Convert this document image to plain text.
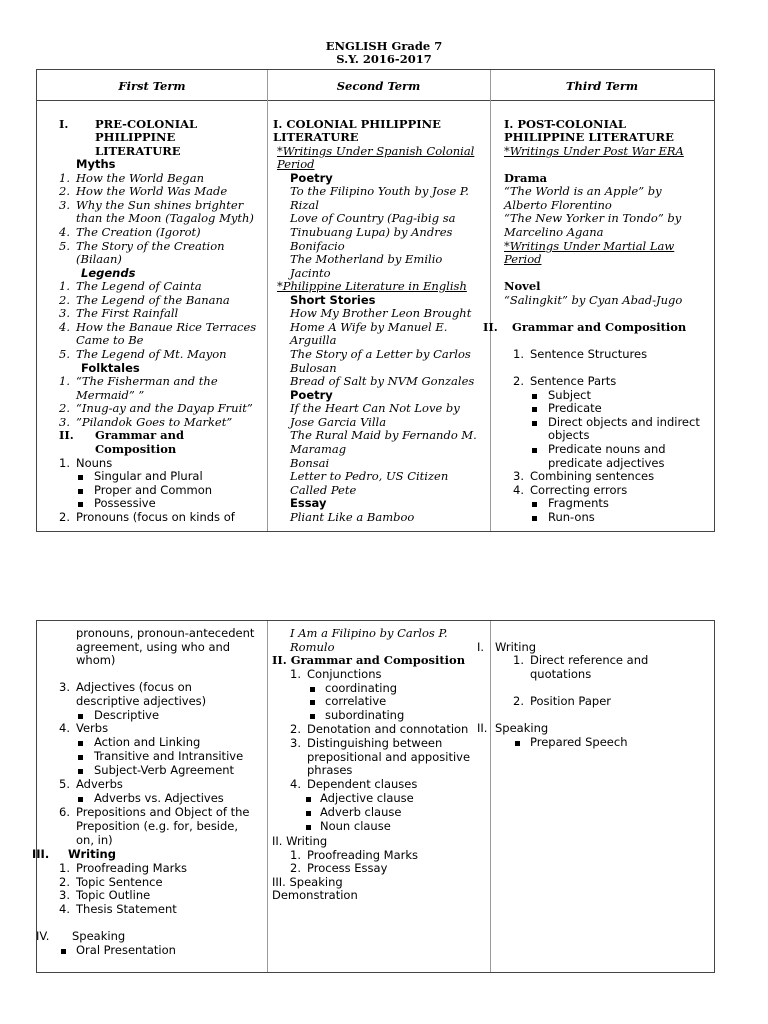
ENGLISH Grade 7
S.Y. 2016-2017
First Term	Second Term	Third Term
I. PRE-COLONIAL
PHILIPPINE
LITERATURE
Myths
1. How the World Began
2. How the World Was Made
3. Why the Sun shines brighter
than the Moon (Tagalog Myth)
4. The Creation (Igorot)
5. The Story of the Creation
(Bilaan)
Legends
1. The Legend of Cainta
2. The Legend of the Banana
3. The First Rainfall
4. How the Banaue Rice Terraces
Came to Be
5. The Legend of Mt. Mayon
Folktales
1. “The Fisherman and the
Mermaid” ”
2. “Inug-ay and the Dayap Fruit”
3. ”Pilandok Goes to Market”
II. Grammar and
Composition
1. Nouns
Singular and Plural
Proper and Common
Possessive
2. Pronouns (focus on kinds of
I. COLONIAL PHILIPPINE
LITERATURE
*Writings Under Spanish Colonial
Period
Poetry
To the Filipino Youth by Jose P.
Rizal
Love of Country (Pag-ibig sa
Tinubuang Lupa) by Andres
Bonifacio
The Motherland by Emilio
Jacinto
*Philippine Literature in English
Short Stories
How My Brother Leon Brought
Home A Wife by Manuel E.
Arguilla
The Story of a Letter by Carlos
Bulosan
Bread of Salt by NVM Gonzales
Poetry
If the Heart Can Not Love by
Jose Garcia Villa
The Rural Maid by Fernando M.
Maramag
Bonsai
Letter to Pedro, US Citizen
Called Pete
Essay
Pliant Like a Bamboo
I. POST-COLONIAL
PHILIPPINE LITERATURE
*Writings Under Post War ERA
Drama
“The World is an Apple” by
Alberto Florentino
“The New Yorker in Tondo” by
Marcelino Agana
*Writings Under Martial Law
Period
Novel
“Salingkit” by Cyan Abad-Jugo
II. Grammar and Composition
1. Sentence Structures
2. Sentence Parts
Subject
Predicate
Direct objects and indirect
objects
Predicate nouns and
predicate adjectives
3. Combining sentences
4. Correcting errors
Fragments
Run-ons
pronouns, pronoun-antecedent
agreement, using who and
whom)
3. Adjectives (focus on
descriptive adjectives)
Descriptive
4. Verbs
Action and Linking
Transitive and Intransitive
Subject-Verb Agreement
5. Adverbs
Adverbs vs. Adjectives
6. Prepositions and Object of the
Preposition (e.g. for, beside,
on, in)
III. Writing
1. Proofreading Marks
2. Topic Sentence
3. Topic Outline
4. Thesis Statement
IV. Speaking
Oral Presentation
I Am a Filipino by Carlos P.
Romulo
II. Grammar and Composition
1. Conjunctions
coordinating
correlative
subordinating
2. Denotation and connotation
3. Distinguishing between
prepositional and appositive
phrases
4. Dependent clauses
Adjective clause
Adverb clause
Noun clause
II. Writing
1. Proofreading Marks
2. Process Essay
III. Speaking
Demonstration
I. Writing
1. Direct reference and
quotations
2. Position Paper
II. Speaking
Prepared Speech
